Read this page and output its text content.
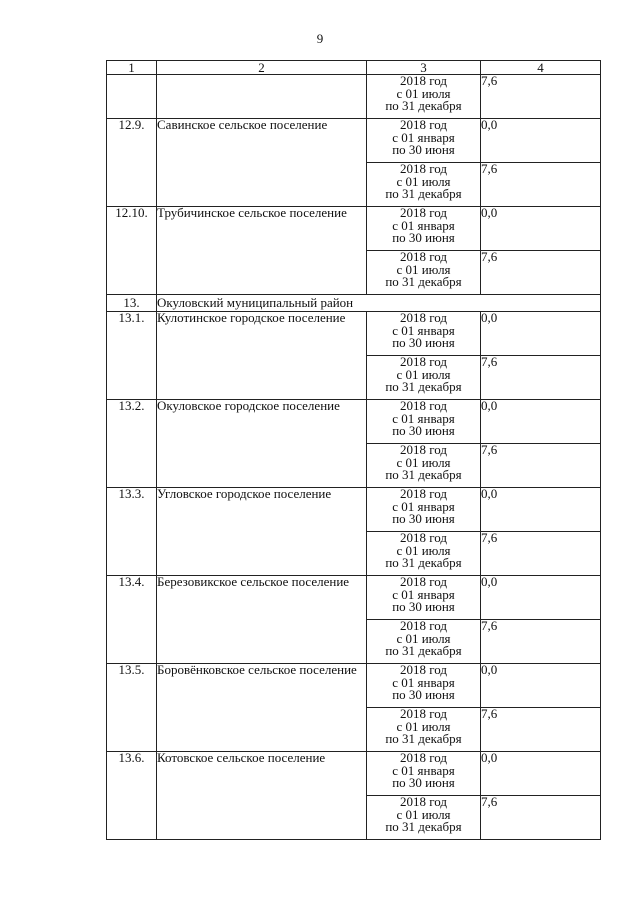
9
1	2	3	4

		2018 год
с 01 июля
по 31 декабря	7,6
12.9.	Савинское сельское поселение	2018 год
с 01 января
по 30 июня	0,0

		2018 год
с 01 июля
по 31 декабря	7,6
12.10.	Трубичинское сельское поселение	2018 год
с 01 января
по 30 июня	0,0

		2018 год
с 01 июля
по 31 декабря	7,6
13.	Окуловский муниципальный район		
13.1.	Кулотинское городское поселение	2018 год
с 01 января
по 30 июня	0,0

		2018 год
с 01 июля
по 31 декабря	7,6
13.2.	Окуловское городское поселение	2018 год
с 01 января
по 30 июня	0,0

		2018 год
с 01 июля
по 31 декабря	7,6
13.3.	Угловское городское поселение	2018 год
с 01 января
по 30 июня	0,0

		2018 год
с 01 июля
по 31 декабря	7,6
13.4.	Березовикское сельское поселение	2018 год
с 01 января
по 30 июня	0,0

		2018 год
с 01 июля
по 31 декабря	7,6
13.5.	Боровёнковское сельское поселение	2018 год
с 01 января
по 30 июня	0,0

		2018 год
с 01 июля
по 31 декабря	7,6
13.6.	Котовское сельское поселение	2018 год
с 01 января
по 30 июня	0,0

		2018 год
с 01 июля
по 31 декабря	7,6
